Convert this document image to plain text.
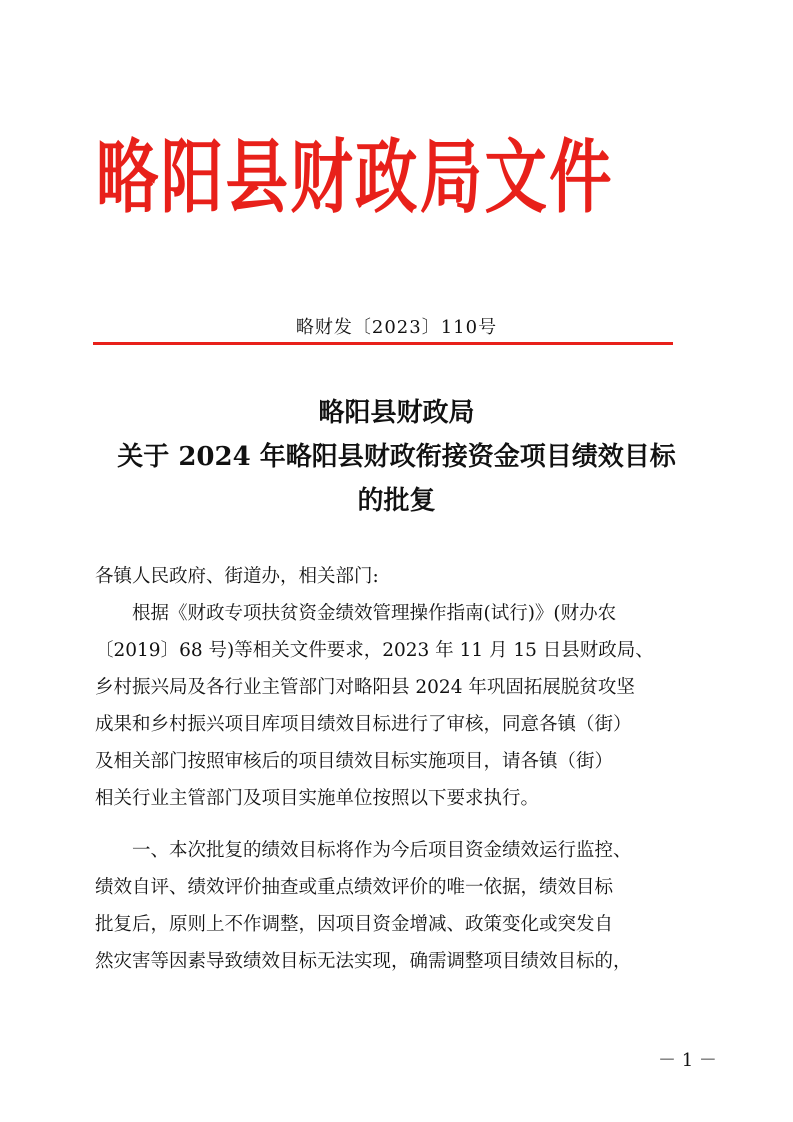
略阳县财政局文件
略财发〔2023〕110号
略阳县财政局
关于 2024 年略阳县财政衔接资金项目绩效目标
的批复
各镇人民政府、街道办，相关部门:
根据《财政专项扶贫资金绩效管理操作指南(试行)》(财办农
〔2019〕68 号)等相关文件要求，2023 年 11 月 15 日县财政局、
乡村振兴局及各行业主管部门对略阳县 2024 年巩固拓展脱贫攻坚
成果和乡村振兴项目库项目绩效目标进行了审核，同意各镇（街）
及相关部门按照审核后的项目绩效目标实施项目，请各镇（街）
相关行业主管部门及项目实施单位按照以下要求执行。
一、本次批复的绩效目标将作为今后项目资金绩效运行监控、
绩效自评、绩效评价抽查或重点绩效评价的唯一依据，绩效目标
批复后，原则上不作调整，因项目资金增减、政策变化或突发自
然灾害等因素导致绩效目标无法实现，确需调整项目绩效目标的，
－ 1 －
